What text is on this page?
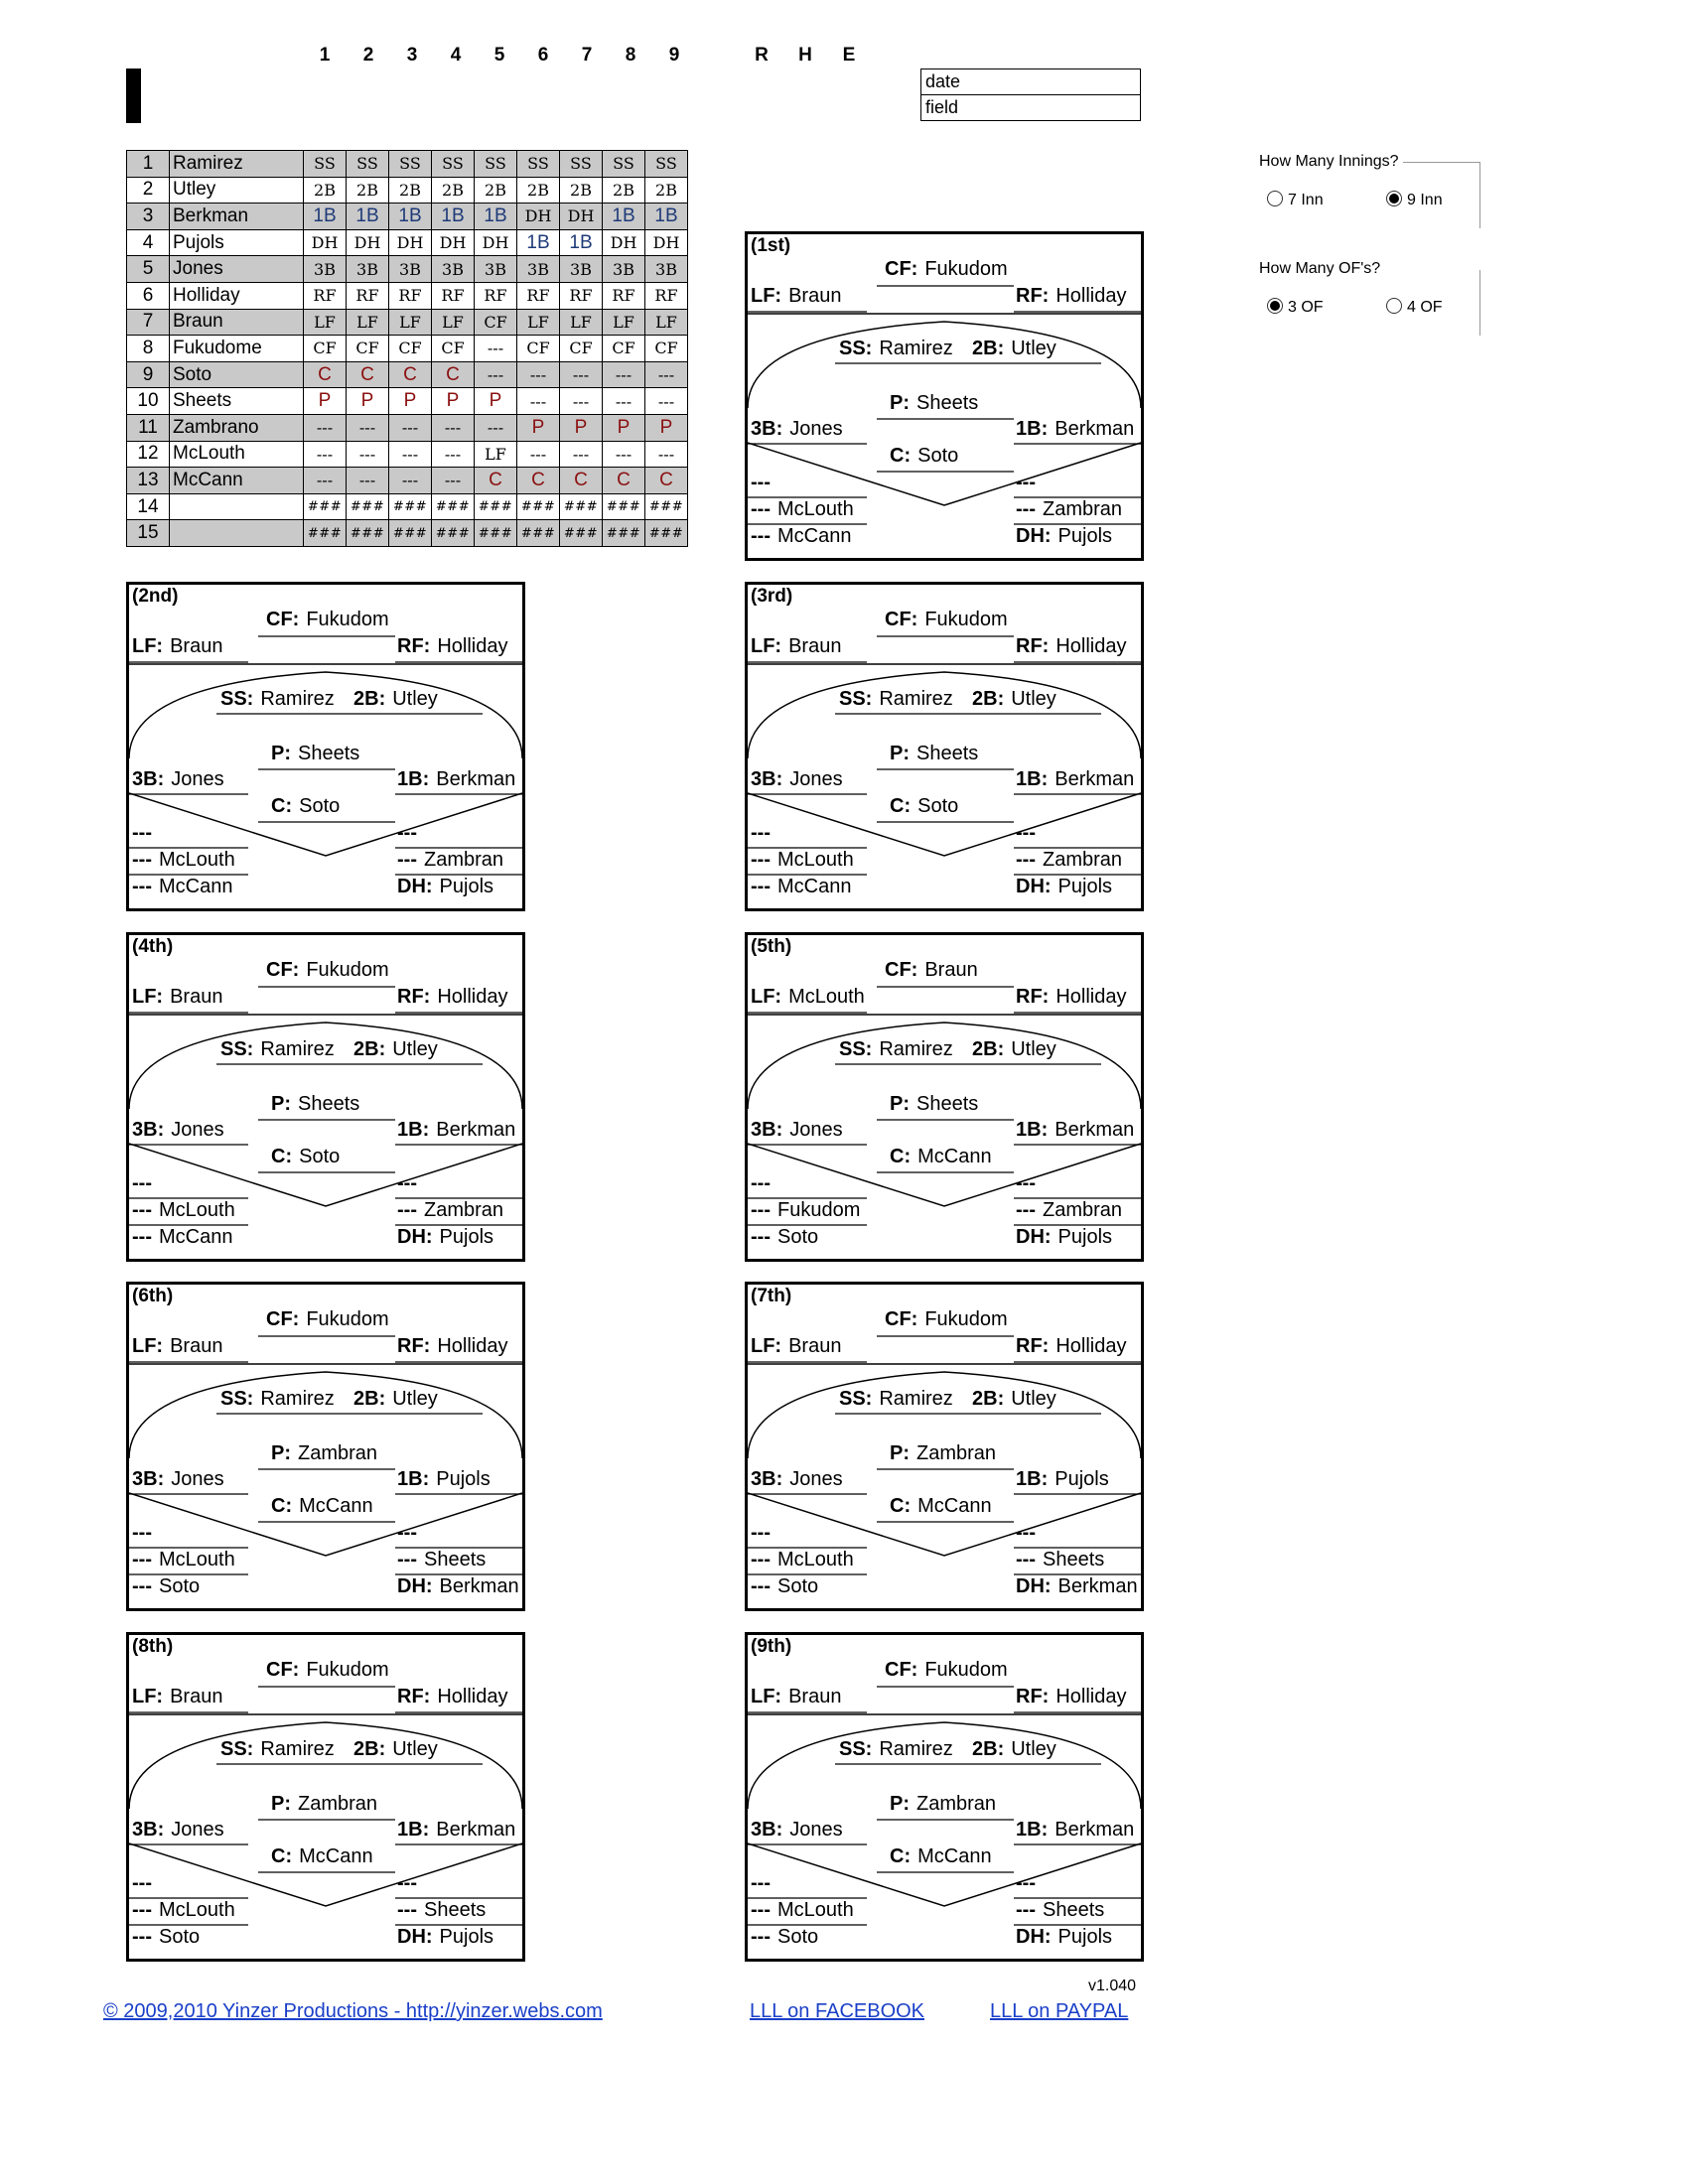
1	2	3	4	5	6	7	8	9	R	H	E

date
field
1	Ramirez	SS	SS	SS	SS	SS	SS	SS	SS	SS
2	Utley	2B	2B	2B	2B	2B	2B	2B	2B	2B
3	Berkman	1B	1B	1B	1B	1B	DH	DH	1B	1B
4	Pujols	DH	DH	DH	DH	DH	1B	1B	DH	DH
5	Jones	3B	3B	3B	3B	3B	3B	3B	3B	3B
6	Holliday	RF	RF	RF	RF	RF	RF	RF	RF	RF
7	Braun	LF	LF	LF	LF	CF	LF	LF	LF	LF
8	Fukudome	CF	CF	CF	CF	---	CF	CF	CF	CF
9	Soto	C	C	C	C	---	---	---	---	---
10	Sheets	P	P	P	P	P	---	---	---	---
11	Zambrano	---	---	---	---	---	P	P	P	P
12	McLouth	---	---	---	---	LF	---	---	---	---
13	McCann	---	---	---	---	C	C	C	C	C
14		###	###	###	###	###	###	###	###	###
15		###	###	###	###	###	###	###	###	###
How Many Innings?
7 Inn	9 Inn
How Many OF's?
3 OF	4 OF
(1st)
CF: Fukudom
LF: Braun	RF: Holliday
SS: Ramirez 2B: Utley
P: Sheets
3B: Jones	1B: Berkman
C: Soto
---	---
--- McLouth	--- Zambran
--- McCann	DH: Pujols
(2nd)
CF: Fukudom
LF: Braun	RF: Holliday
SS: Ramirez 2B: Utley
P: Sheets
3B: Jones	1B: Berkman
C: Soto
---	---
--- McLouth	--- Zambran
--- McCann	DH: Pujols
(3rd)
CF: Fukudom
LF: Braun	RF: Holliday
SS: Ramirez 2B: Utley
P: Sheets
3B: Jones	1B: Berkman
C: Soto
---	---
--- McLouth	--- Zambran
--- McCann	DH: Pujols
(4th)
CF: Fukudom
LF: Braun	RF: Holliday
SS: Ramirez 2B: Utley
P: Sheets
3B: Jones	1B: Berkman
C: Soto
---	---
--- McLouth	--- Zambran
--- McCann	DH: Pujols
(5th)
CF: Braun
LF: McLouth	RF: Holliday
SS: Ramirez 2B: Utley
P: Sheets
3B: Jones	1B: Berkman
C: McCann
---	---
--- Fukudom	--- Zambran
--- Soto	DH: Pujols
(6th)
CF: Fukudom
LF: Braun	RF: Holliday
SS: Ramirez 2B: Utley
P: Zambran
3B: Jones	1B: Pujols
C: McCann
---	---
--- McLouth	--- Sheets
--- Soto	DH: Berkman
(7th)
CF: Fukudom
LF: Braun	RF: Holliday
SS: Ramirez 2B: Utley
P: Zambran
3B: Jones	1B: Pujols
C: McCann
---	---
--- McLouth	--- Sheets
--- Soto	DH: Berkman
(8th)
CF: Fukudom
LF: Braun	RF: Holliday
SS: Ramirez 2B: Utley
P: Zambran
3B: Jones	1B: Berkman
C: McCann
---	---
--- McLouth	--- Sheets
--- Soto	DH: Pujols
(9th)
CF: Fukudom
LF: Braun	RF: Holliday
SS: Ramirez 2B: Utley
P: Zambran
3B: Jones	1B: Berkman
C: McCann
---	---
--- McLouth	--- Sheets
--- Soto	DH: Pujols
v1.040
© 2009,2010 Yinzer Productions - http://yinzer.webs.com	LLL on FACEBOOK	LLL on PAYPAL
